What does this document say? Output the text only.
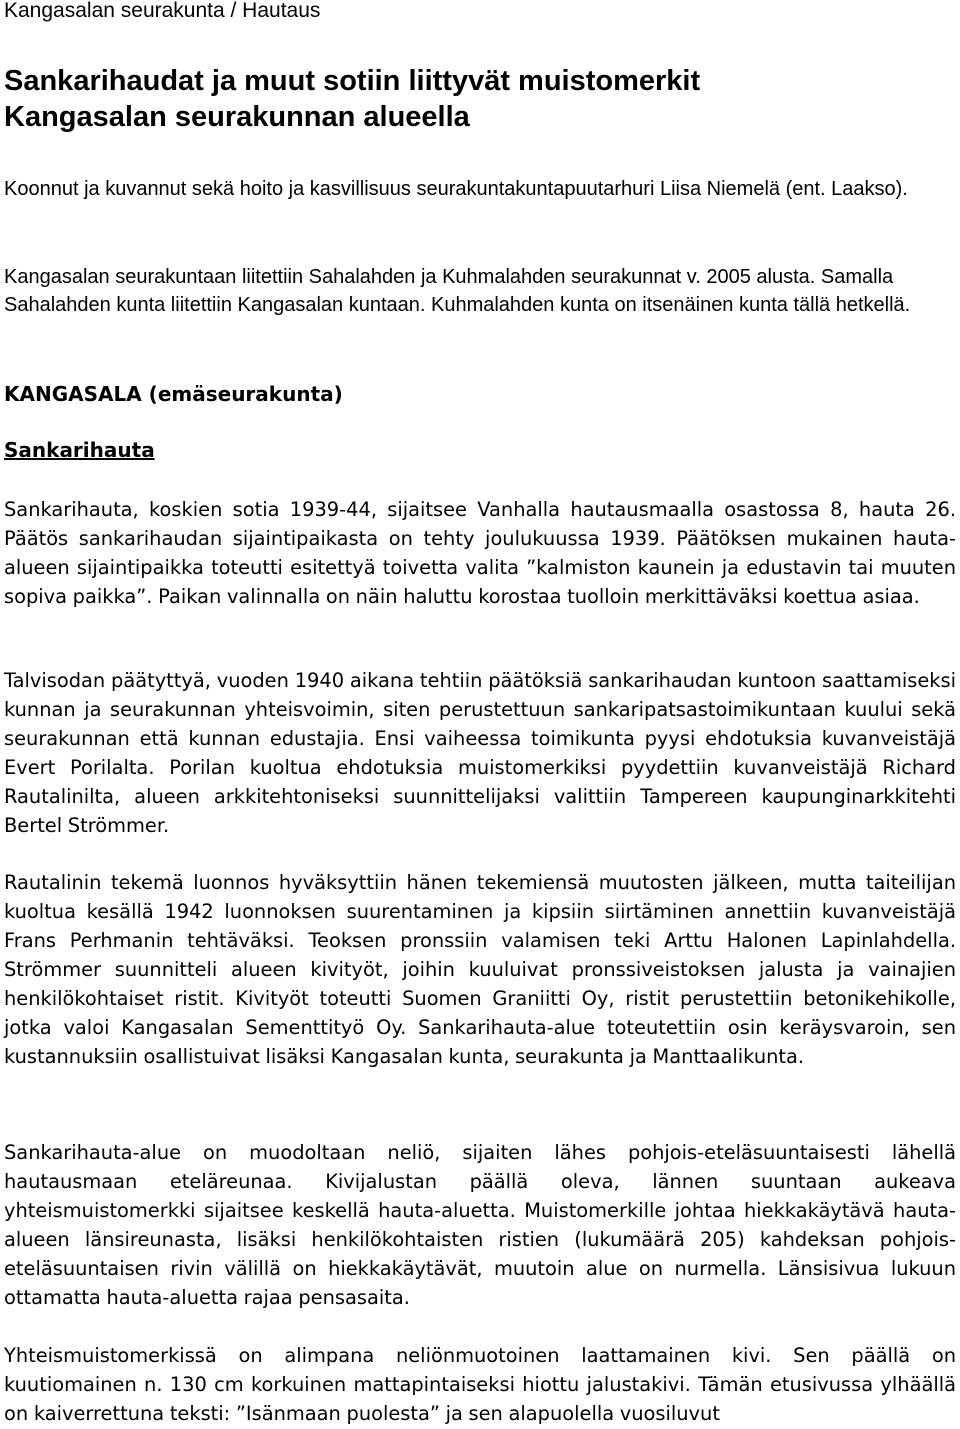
Kangasalan seurakunta / Hautaus
Sankarihaudat ja muut sotiin liittyvät muistomerkit
Kangasalan seurakunnan alueella

Koonnut ja kuvannut sekä hoito ja kasvillisuus seurakuntakuntapuutarhuri Liisa Niemelä (ent. Laakso).

Kangasalan seurakuntaan liitettiin Sahalahden ja Kuhmalahden seurakunnat v. 2005 alusta. Samalla Sahalahden kunta liitettiin Kangasalan kuntaan. Kuhmalahden kunta on itsenäinen kunta tällä hetkellä.

KANGASALA (emäseurakunta)
Sankarihauta

Sankarihauta, koskien sotia 1939-44, sijaitsee Vanhalla hautausmaalla osastossa 8, hauta 26. Päätös sankarihaudan sijaintipaikasta on tehty joulukuussa 1939. Päätöksen mukainen hauta-alueen sijaintipaikka toteutti esitettyä toivetta valita ”kalmiston kaunein ja edustavin tai muuten sopiva paikka”. Paikan valinnalla on näin haluttu korostaa tuolloin merkittäväksi koettua asiaa.

Talvisodan päätyttyä, vuoden 1940 aikana tehtiin päätöksiä sankarihaudan kuntoon saattamiseksi kunnan ja seurakunnan yhteisvoimin, siten perustettuun sankaripatsastoimikuntaan kuului sekä seurakunnan että kunnan edustajia. Ensi vaiheessa toimikunta pyysi ehdotuksia kuvanveistäjä Evert Porilalta. Porilan kuoltua ehdotuksia muistomerkiksi pyydettiin kuvanveistäjä Richard Rautalinilta, alueen arkkitehtoniseksi suunnittelijaksi valittiin Tampereen kaupunginarkkitehti Bertel Strömmer.

Rautalinin tekemä luonnos hyväksyttiin hänen tekemiensä muutosten jälkeen, mutta taiteilijan kuoltua kesällä 1942 luonnoksen suurentaminen ja kipsiin siirtäminen annettiin kuvanveistäjä Frans Perhmanin tehtäväksi. Teoksen pronssiin valamisen teki Arttu Halonen Lapinlahdella. Strömmer suunnitteli alueen kivityöt, joihin kuuluivat pronssiveistoksen jalusta ja vainajien henkilökohtaiset ristit. Kivityöt toteutti Suomen Graniitti Oy, ristit perustettiin betonikehikolle, jotka valoi Kangasalan Sementtityö Oy. Sankarihauta-alue toteutettiin osin keräysvaroin, sen kustannuksiin osallistuivat lisäksi Kangasalan kunta, seurakunta ja Manttaalikunta.

Sankarihauta-alue on muodoltaan neliö, sijaiten lähes pohjois-eteläsuuntaisesti lähellä hautausmaan eteläreunaa. Kivijalustan päällä oleva, lännen suuntaan aukeava yhteismuistomerkki sijaitsee keskellä hauta-aluetta. Muistomerkille johtaa hiekkakäytävä hauta-alueen länsireunasta, lisäksi henkilökohtaisten ristien (lukumäärä 205) kahdeksan pohjois-eteläsuuntaisen rivin välillä on hiekkakäytävät, muutoin alue on nurmella. Länsisivua lukuun ottamatta hauta-aluetta rajaa pensasaita.

Yhteismuistomerkissä on alimpana neliönmuotoinen laattamainen kivi. Sen päällä on kuutiomainen n. 130 cm korkuinen mattapintaiseksi hiottu jalustakivi. Tämän etusivussa ylhäällä on kaiverrettuna teksti: ”Isänmaan puolesta” ja sen alapuolella vuosiluvut
